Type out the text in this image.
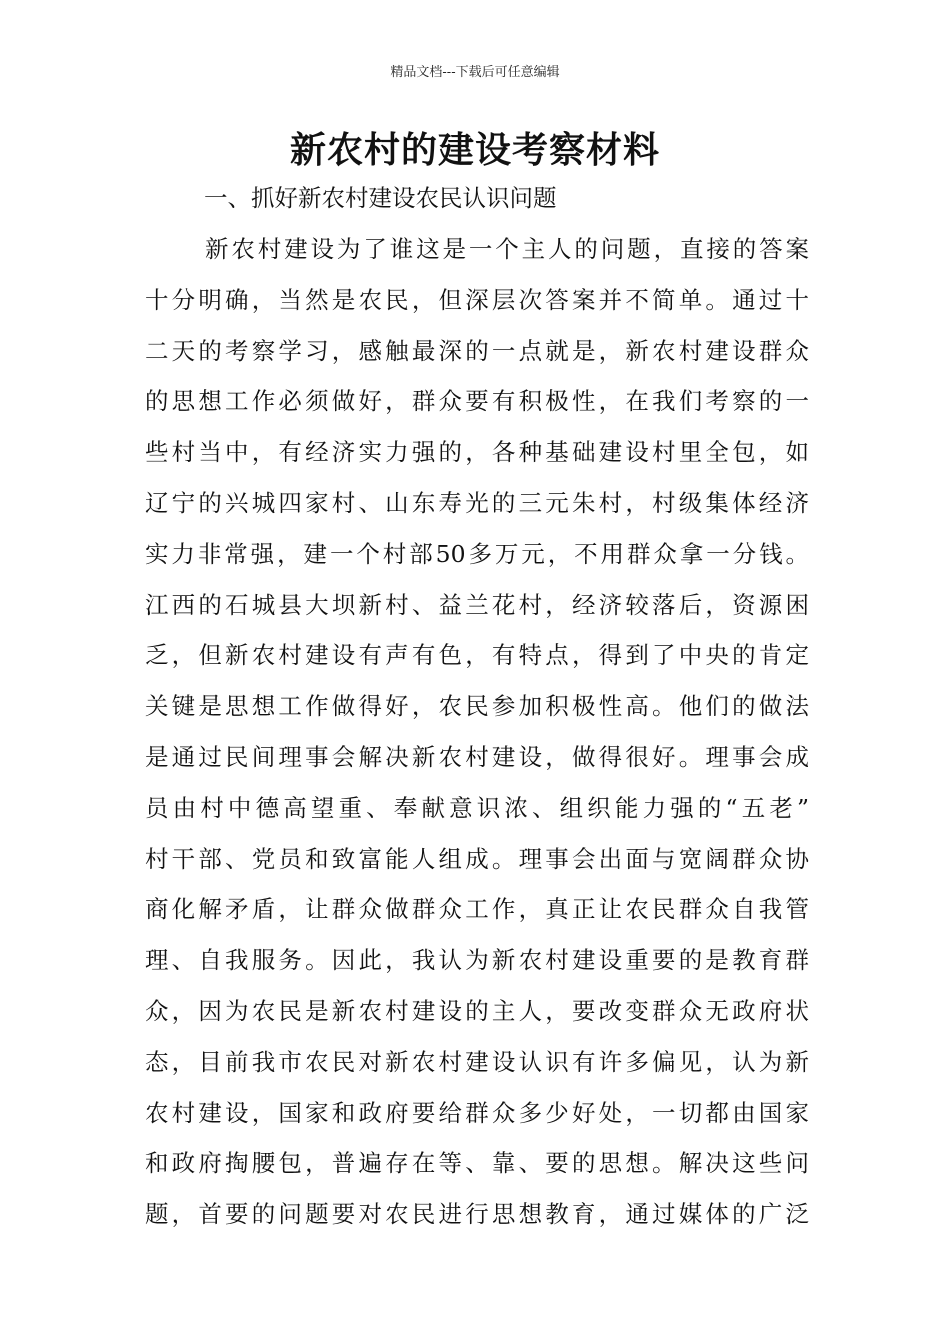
精品文档---下载后可任意编辑
新农村的建设考察材料
一、抓好新农村建设农民认识问题
新农村建设为了谁这是一个主人的问题，直接的答案
十分明确，当然是农民，但深层次答案并不简单。通过十
二天的考察学习，感触最深的一点就是，新农村建设群众
的思想工作必须做好，群众要有积极性，在我们考察的一
些村当中，有经济实力强的，各种基础建设村里全包，如
辽宁的兴城四家村、山东寿光的三元朱村，村级集体经济
实力非常强，建一个村部50多万元，不用群众拿一分钱。
江西的石城县大坝新村、益兰花村，经济较落后，资源困
乏，但新农村建设有声有色，有特点，得到了中央的肯定
关键是思想工作做得好，农民参加积极性高。他们的做法
是通过民间理事会解决新农村建设，做得很好。理事会成
员由村中德高望重、奉献意识浓、组织能力强的“五老”
村干部、党员和致富能人组成。理事会出面与宽阔群众协
商化解矛盾，让群众做群众工作，真正让农民群众自我管
理、自我服务。因此，我认为新农村建设重要的是教育群
众，因为农民是新农村建设的主人，要改变群众无政府状
态，目前我市农民对新农村建设认识有许多偏见，认为新
农村建设，国家和政府要给群众多少好处，一切都由国家
和政府掏腰包，普遍存在等、靠、要的思想。解决这些问
题，首要的问题要对农民进行思想教育，通过媒体的广泛
